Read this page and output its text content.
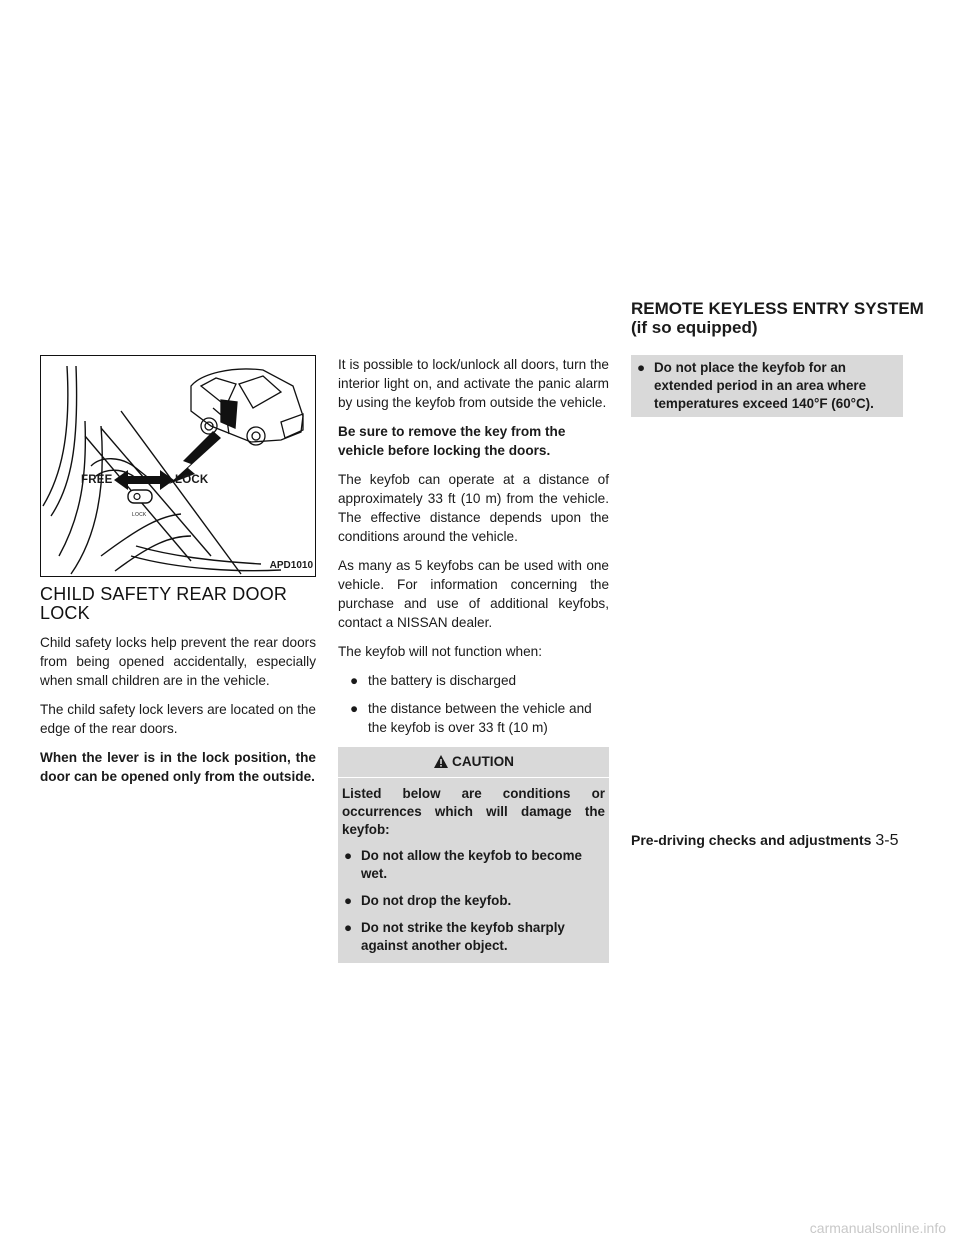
REMOTE KEYLESS ENTRY SYSTEM
(if so equipped)
FREE	LOCK
LOCK
APD1010
CHILD SAFETY REAR DOOR LOCK

Child safety locks help prevent the rear doors from being opened accidentally, especially when small children are in the vehicle.

The child safety lock levers are located on the edge of the rear doors.

When the lever is in the lock position, the door can be opened only from the outside.

It is possible to lock/unlock all doors, turn the interior light on, and activate the panic alarm by using the keyfob from outside the vehicle.

Be sure to remove the key from the vehicle before locking the doors.

The keyfob can operate at a distance of approximately 33 ft (10 m) from the vehicle. The effective distance depends upon the conditions around the vehicle.

As many as 5 keyfobs can be used with one vehicle. For information concerning the purchase and use of additional keyfobs, contact a NISSAN dealer.

The keyfob will not function when:

● the battery is discharged
● the distance between the vehicle and the keyfob is over 33 ft (10 m)
CAUTION

Listed below are conditions or occurrences which will damage the keyfob:

● Do not allow the keyfob to become wet.
● Do not drop the keyfob.
● Do not strike the keyfob sharply against another object.
● Do not place the keyfob for an extended period in an area where temperatures exceed 140°F (60°C).
Pre-driving checks and adjustments 3-5
carmanualsonline.info
